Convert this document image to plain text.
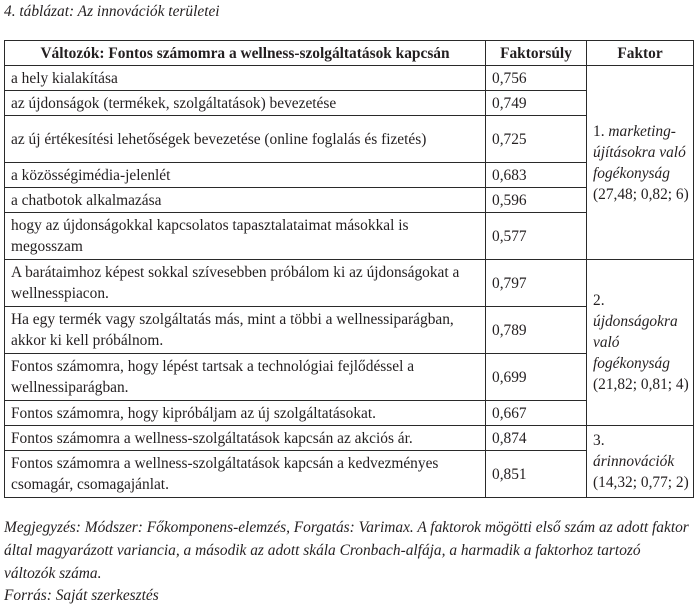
4. táblázat: Az innovációk területei
Változók: Fontos számomra a wellness-szolgáltatások kapcsán	Faktorsúly	Faktor
a hely kialakítása	0,756	1. marketing-újításokra való fogékonyság (27,48; 0,82; 6)
az újdonságok (termékek, szolgáltatások) bevezetése	0,749	
az új értékesítési lehetőségek bevezetése (online foglalás és fizetés)	0,725	
a közösségimédia-jelenlét	0,683	
a chatbotok alkalmazása	0,596	
hogy az újdonságokkal kapcsolatos tapasztalataimat másokkal is megosszam	0,577	
A barátaimhoz képest sokkal szívesebben próbálom ki az újdonságokat a wellnesspiacon.	0,797	2. újdonságokra való fogékonyság (21,82; 0,81; 4)
Ha egy termék vagy szolgáltatás más, mint a többi a wellnessiparágban, akkor ki kell próbálnom.	0,789	
Fontos számomra, hogy lépést tartsak a technológiai fejlődéssel a wellnessiparágban.	0,699	
Fontos számomra, hogy kipróbáljam az új szolgáltatásokat.	0,667	
Fontos számomra a wellness-szolgáltatások kapcsán az akciós ár.	0,874	3. árinnovációk (14,32; 0,77; 2)
Fontos számomra a wellness-szolgáltatások kapcsán a kedvezményes csomagár, csomagajánlat.	0,851	
Megjegyzés: Módszer: Főkomponens-elemzés, Forgatás: Varimax. A faktorok mögötti első szám az adott faktor által magyarázott variancia, a második az adott skála Cronbach-alfája, a harmadik a faktorhoz tartozó változók száma.
Forrás: Saját szerkesztés
